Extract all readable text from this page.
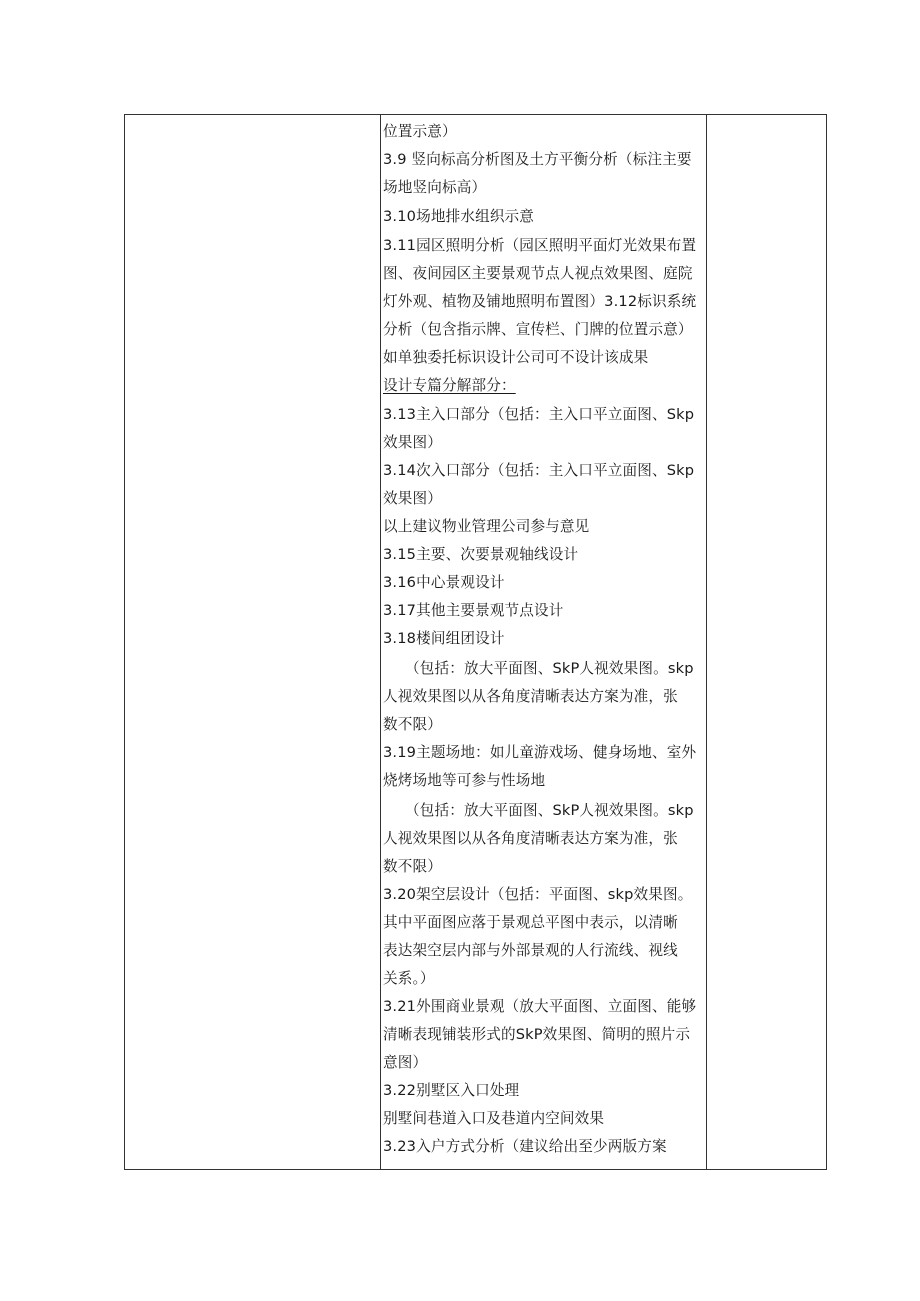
位置示意）
3.9 竖向标高分析图及土方平衡分析（标注主要
场地竖向标高）
3.10场地排水组织示意
3.11园区照明分析（园区照明平面灯光效果布置
图、夜间园区主要景观节点人视点效果图、庭院
灯外观、植物及铺地照明布置图）3.12标识系统
分析（包含指示牌、宣传栏、门牌的位置示意）
如单独委托标识设计公司可不设计该成果
设计专篇分解部分：
3.13主入口部分（包括：主入口平立面图、Skp
效果图）
3.14次入口部分（包括：主入口平立面图、Skp
效果图）
以上建议物业管理公司参与意见
3.15主要、次要景观轴线设计
3.16中心景观设计
3.17其他主要景观节点设计
3.18楼间组团设计
（包括：放大平面图、SkP人视效果图。skp
人视效果图以从各角度清晰表达方案为准，张
数不限）
3.19主题场地：如儿童游戏场、健身场地、室外
烧烤场地等可参与性场地
（包括：放大平面图、SkP人视效果图。skp
人视效果图以从各角度清晰表达方案为准，张
数不限）
3.20架空层设计（包括：平面图、skp效果图。
其中平面图应落于景观总平图中表示，以清晰
表达架空层内部与外部景观的人行流线、视线
关系。）
3.21外围商业景观（放大平面图、立面图、能够
清晰表现铺装形式的SkP效果图、简明的照片示
意图）
3.22别墅区入口处理
别墅间巷道入口及巷道内空间效果
3.23入户方式分析（建议给出至少两版方案
